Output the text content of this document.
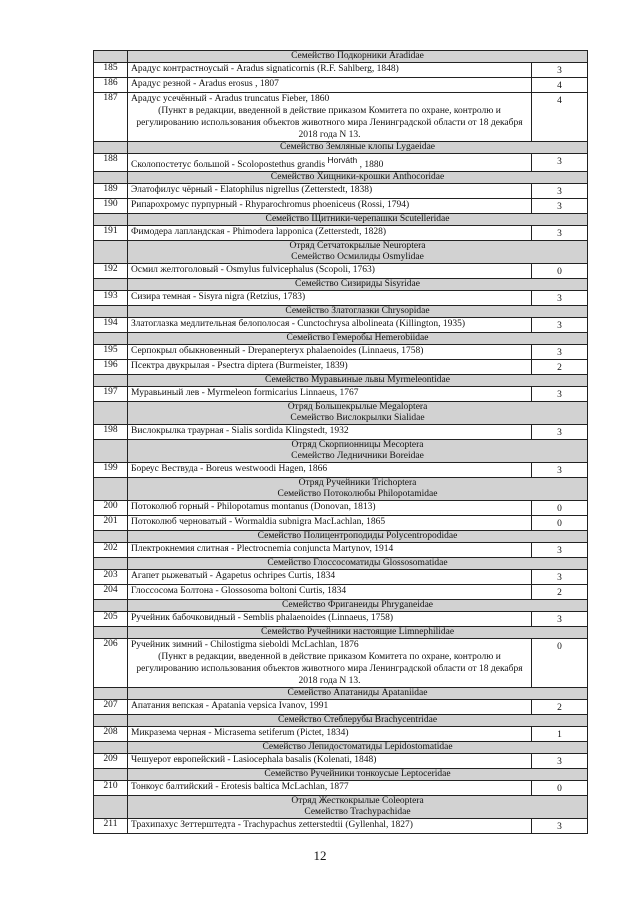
	Семейство Подкорники Aradidae	

185	Арадус контрастноусый - Aradus signaticornis (R.F. Sahlberg, 1848)	3
186	Арадус резной - Aradus erosus , 1807	4
187	Арадус усечённый - Aradus truncatus Fieber, 1860
(Пункт в редакции, введенной в действие приказом Комитета по охране, контролю и регулированию использования объектов животного мира Ленинградской области от 18 декабря 2018 года N 13.	4

	Семейство Земляные клопы Lygaeidae	

188	Сколопостетус большой - Scolopostethus grandis Horváth , 1880	3

	Семейство Хищники-крошки Anthocoridae	

189	Элатофилус чёрный - Elatophilus nigrellus (Zetterstedt, 1838)	3
190	Рипарохромус пурпурный - Rhyparochromus phoeniceus (Rossi, 1794)	3

	Семейство Щитники-черепашки Scutelleridae	

191	Фимодера лапландская - Phimodera lapponica (Zetterstedt, 1828)	3

	Отряд Сетчатокрылые Neuroptera
Семейство Осмилиды Osmylidae	

192	Осмил желтоголовый - Osmylus fulvicephalus (Scopoli, 1763)	0

	Семейство Сизириды Sisyridae	

193	Сизира темная - Sisyra nigra (Retzius, 1783)	3

	Семейство Златоглазки Chrysopidae	

194	Златоглазка медлительная белополосая - Cunctochrysa albolineata (Killington, 1935)	3

	Семейство Гемеробы Hemerobiidae	

195	Серпокрыл обыкновенный - Drepanepteryx phalaenoides (Linnaeus, 1758)	3
196	Псектра двукрылая - Psectra diptera (Burmeister, 1839)	2

	Семейство Муравьиные львы Myrmeleontidae	

197	Муравьиный лев - Myrmeleon formicarius Linnaeus, 1767	3

	Отряд Большекрылые Megaloptera
Семейство Вислокрылки Sialidae	

198	Вислокрылка траурная - Sialis sordida Klingstedt, 1932	3

	Отряд Скорпионницы Mecoptera
Семейство Ледничники Boreidae	

199	Бореус Вествуда - Boreus westwoodi Hagen, 1866	3

	Отряд Ручейники Trichoptera
Семейство Потоколюбы Philopotamidae	

200	Потоколюб горный - Philopotamus montanus (Donovan, 1813)	0
201	Потоколюб черноватый - Wormaldia subnigra MacLachlan, 1865	0

	Семейство Полицентроподиды Polycentropodidae	

202	Плектрокнемия слитная - Plectrocnemia conjuncta Martynov, 1914	3

	Семейство Глоссосоматиды Glossosomatidae	

203	Агапет рыжеватый - Agapetus ochripes Curtis, 1834	3
204	Глоссосома Болтона - Glossosoma boltoni Curtis, 1834	2

	Семейство Фриганеиды Phryganeidae	

205	Ручейник бабочковидный - Semblis phalaenoides (Linnaeus, 1758)	3

	Семейство Ручейники настоящие Limnephilidae	

206	Ручейник зимний - Chilostigma sieboldi McLachlan, 1876
(Пункт в редакции, введенной в действие приказом Комитета по охране, контролю и регулированию использования объектов животного мира Ленинградской области от 18 декабря 2018 года N 13.	0

	Семейство Апатаниды Apataniidae	

207	Апатания вепская - Apatania vepsica Ivanov, 1991	2

	Семейство Стеблерубы Brachycentridae	

208	Микразема черная - Micrasema setiferum (Pictet, 1834)	1

	Семейство Лепидостоматиды Lepidostomatidae	

209	Чешуерот европейский - Lasiocephala basalis (Kolenati, 1848)	3

	Семейство Ручейники тонкоусые Leptoceridae	

210	Тонкоус балтийский - Erotesis baltica McLachlan, 1877	0

	Отряд Жесткокрылые Coleoptera
Семейство Trachypachidae	

211	Трахипахус Зеттерштедта - Trachypachus zetterstedtii (Gyllenhal, 1827)	3
12
